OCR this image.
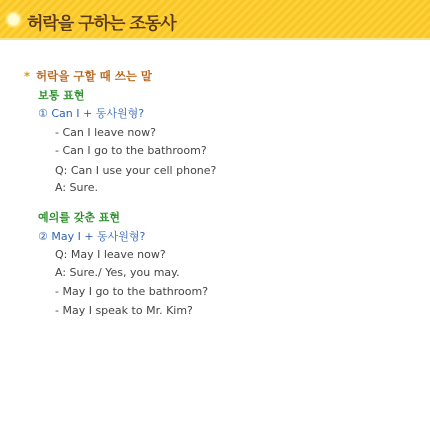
허락을 구하는 조동사
* 허락을 구할 때 쓰는 말
보통 표현
① Can I + 동사원형?
- Can I leave now?
- Can I go to the bathroom?
Q: Can I use your cell phone?
A: Sure.
예의를 갖춘 표현
② May I + 동사원형?
Q: May I leave now?
A: Sure./ Yes, you may.
- May I go to the bathroom?
- May I speak to Mr. Kim?
